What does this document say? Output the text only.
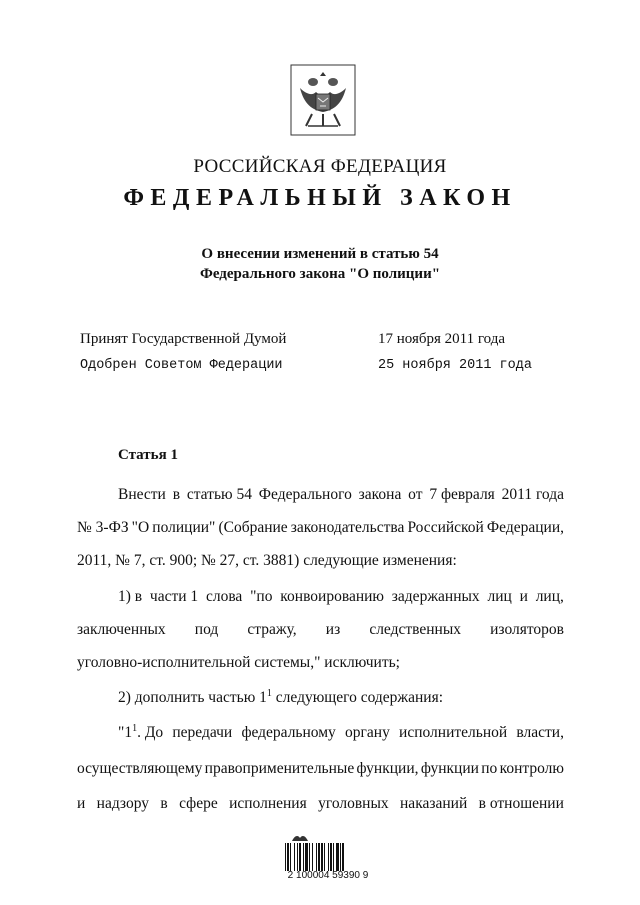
РОССИЙСКАЯ ФЕДЕРАЦИЯ
ФЕДЕРАЛЬНЫЙ ЗАКОН
О внесении изменений в статью 54
Федерального закона "О полиции"
Принят Государственной Думой	17 ноября 2011 года
Одобрен Советом Федерации	25 ноября 2011 года
Статья 1
Внести в статью 54 Федерального закона от 7 февраля 2011 года
№ 3-ФЗ "О полиции" (Собрание законодательства Российской Федерации,
2011, № 7, ст. 900; № 27, ст. 3881) следующие изменения:
1) в части 1 слова "по конвоированию задержанных лиц и лиц,
заключенных под стражу, из следственных изоляторов
уголовно-исполнительной системы," исключить;
2) дополнить частью $1^1$ следующего содержания:
"$1^1$. До передачи федеральному органу исполнительной власти,
осуществляющему правоприменительные функции, функции по контролю
и надзору в сфере исполнения уголовных наказаний в отношении
2 100004 59390 9
